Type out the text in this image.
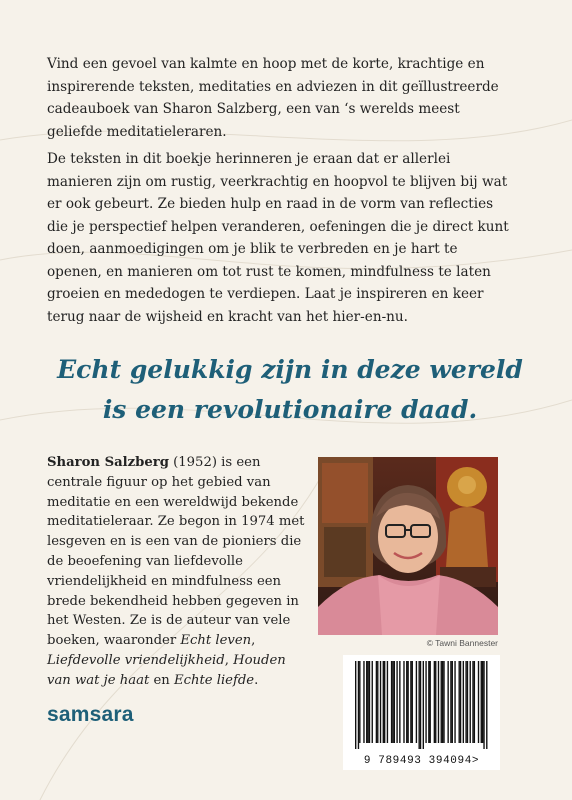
Vind een gevoel van kalmte en hoop met de korte, krachtige en inspirerende teksten, meditaties en adviezen in dit geïllustreerde cadeauboek van Sharon Salzberg, een van ‘s werelds meest geliefde meditatieleraren.

De teksten in dit boekje herinneren je eraan dat er allerlei manieren zijn om rustig, veerkrachtig en hoopvol te blijven bij wat er ook gebeurt. Ze bieden hulp en raad in de vorm van reflecties die je perspectief helpen veranderen, oefeningen die je direct kunt doen, aanmoedigingen om je blik te verbreden en je hart te openen, en manieren om tot rust te komen, mindfulness te laten groeien en mededogen te verdiepen. Laat je inspireren en keer terug naar de wijsheid en kracht van het hier-en-nu.

Echt gelukkig zijn in deze wereld
is een revolutionaire daad.

Sharon Salzberg (1952) is een centrale figuur op het gebied van meditatie en een wereldwijd bekende meditatieleraar. Ze begon in 1974 met lesgeven en is een van de pioniers die de beoefening van liefdevolle vriendelijkheid en mindfulness een brede bekendheid hebben gegeven in het Westen. Ze is de auteur van vele boeken, waaronder Echt leven, Liefdevolle vriendelijkheid, Houden van wat je haat en Echte liefde.

© Tawni Bannester
samsara
9 789493 394094>
